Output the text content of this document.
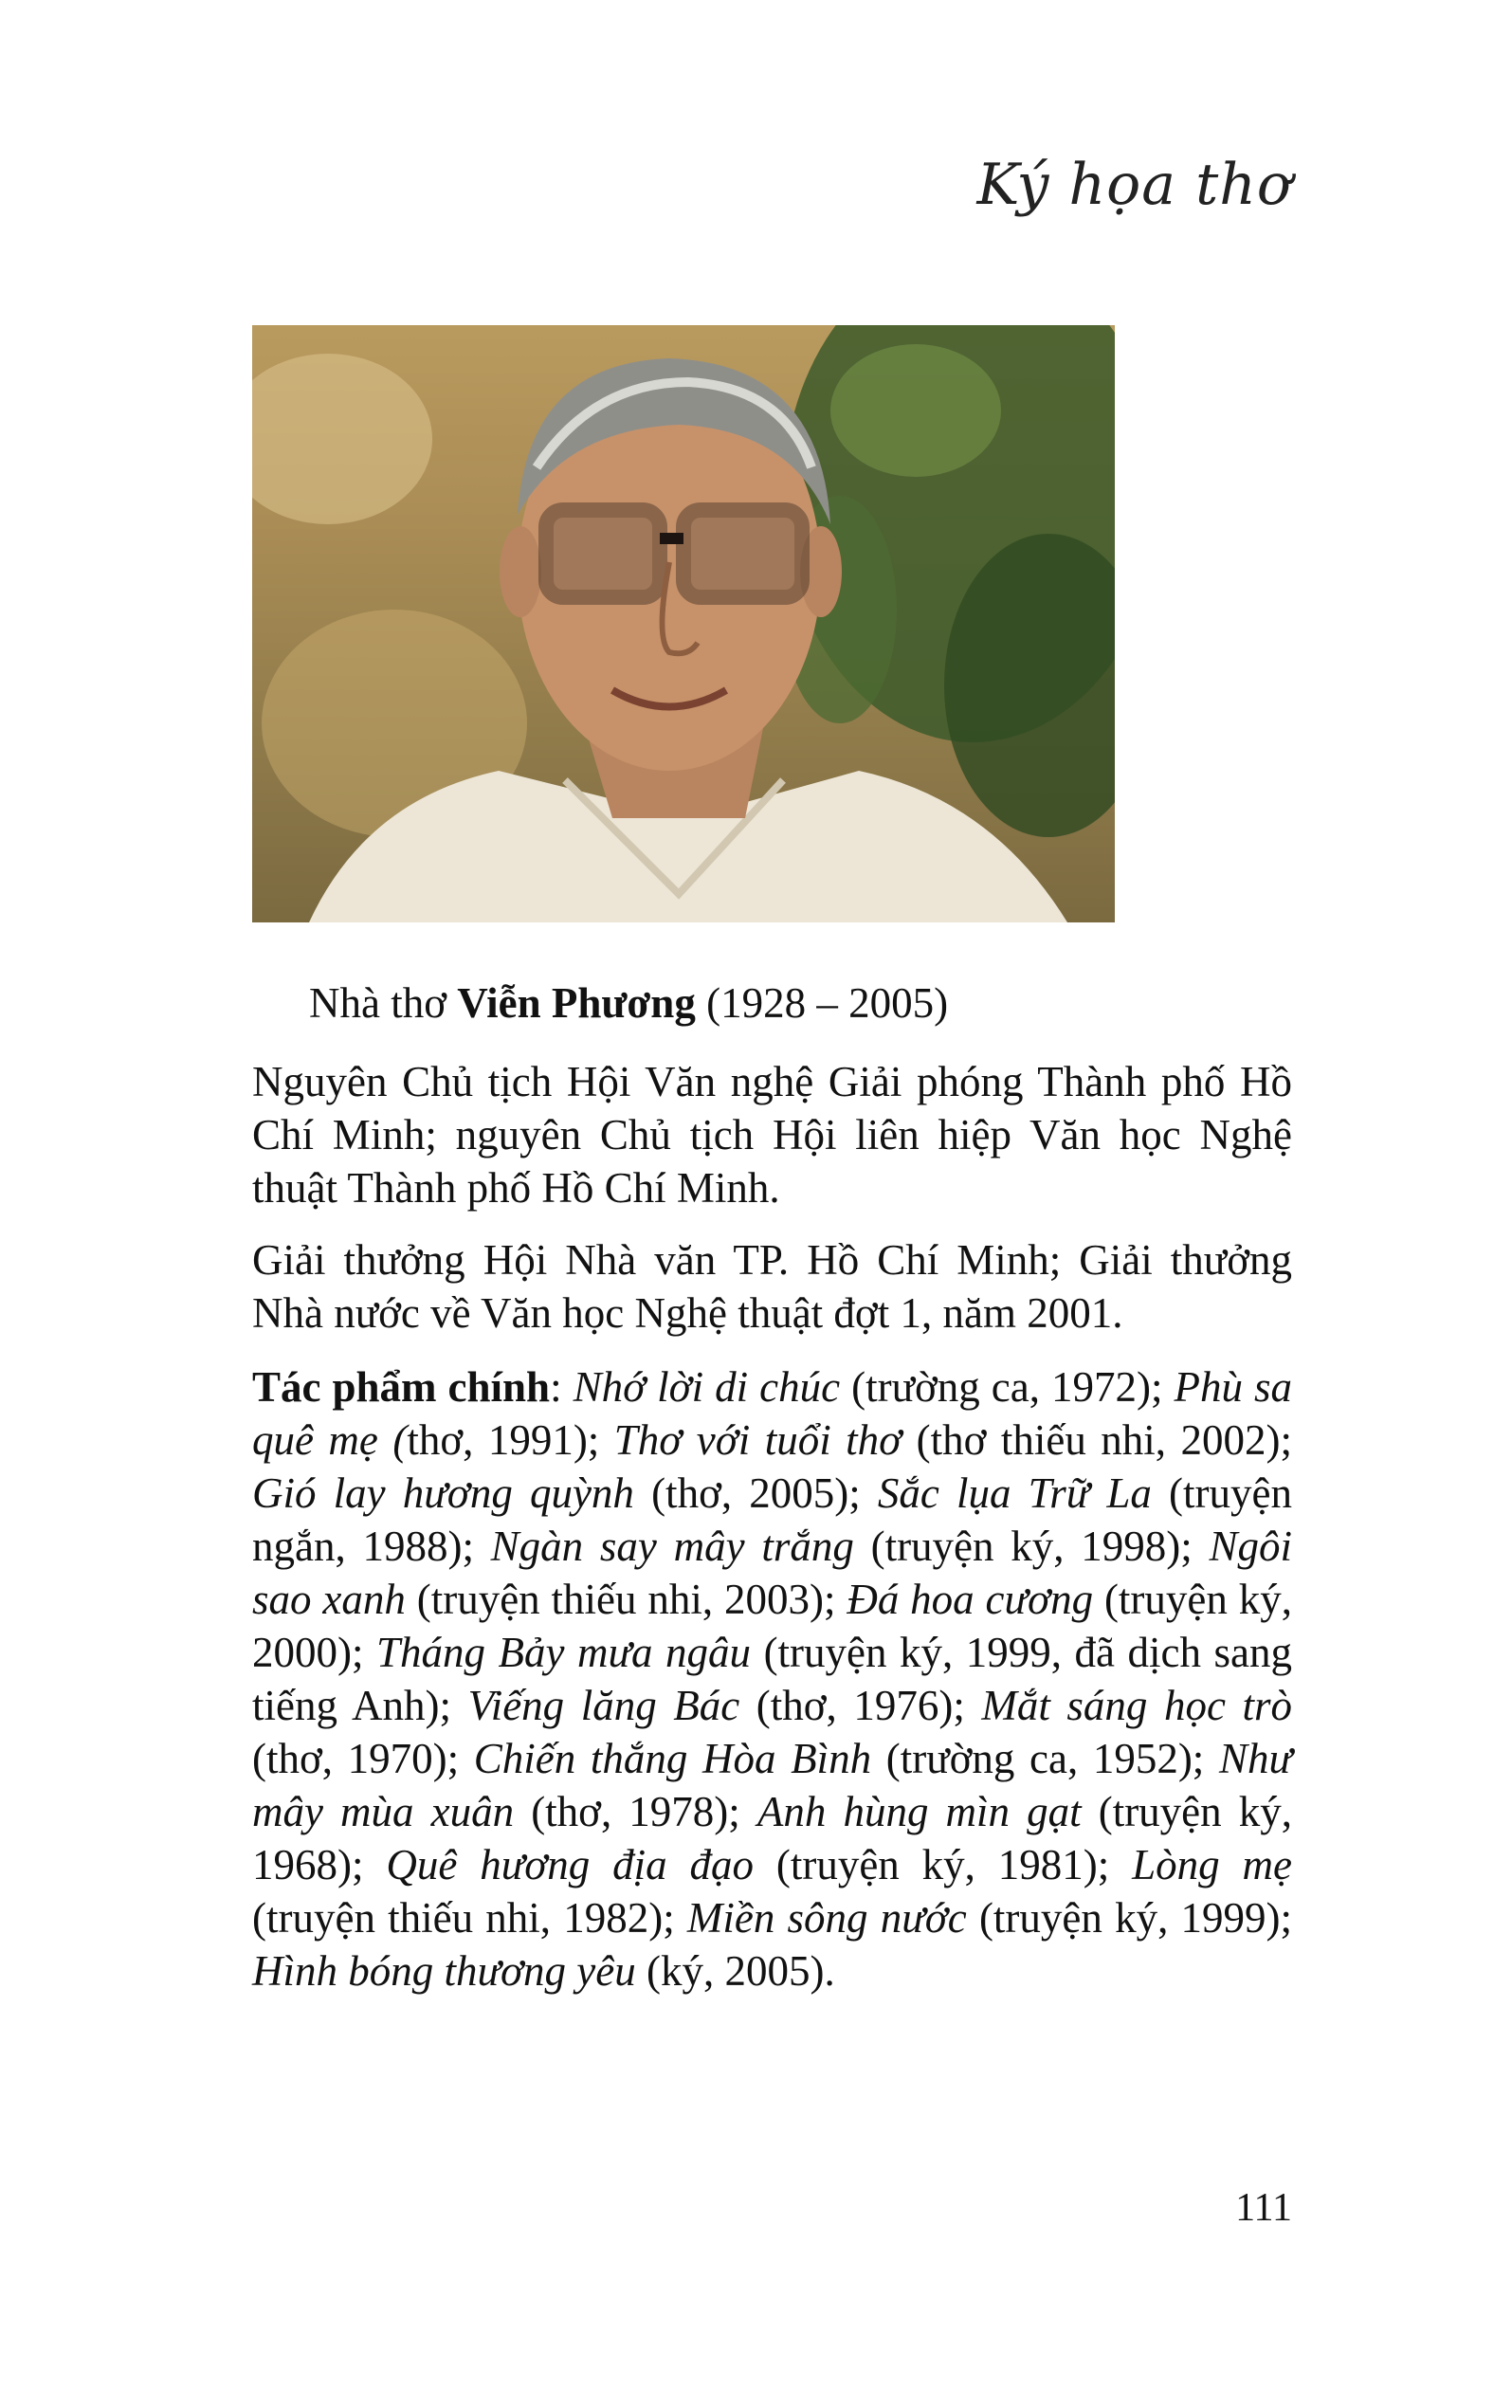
Ký họa thơ
Nhà thơ Viễn Phương (1928 – 2005)

Nguyên Chủ tịch Hội Văn nghệ Giải phóng Thành phố Hồ Chí Minh; nguyên Chủ tịch Hội liên hiệp Văn học Nghệ thuật Thành phố Hồ Chí Minh.

Giải thưởng Hội Nhà văn TP. Hồ Chí Minh; Giải thưởng Nhà nước về Văn học Nghệ thuật đợt 1, năm 2001.

Tác phẩm chính: Nhớ lời di chúc (trường ca, 1972); Phù sa quê mẹ (thơ, 1991); Thơ với tuổi thơ (thơ thiếu nhi, 2002); Gió lay hương quỳnh (thơ, 2005); Sắc lụa Trữ La (truyện ngắn, 1988); Ngàn say mây trắng (truyện ký, 1998); Ngôi sao xanh (truyện thiếu nhi, 2003); Đá hoa cương (truyện ký, 2000); Tháng Bảy mưa ngâu (truyện ký, 1999, đã dịch sang tiếng Anh); Viếng lăng Bác (thơ, 1976); Mắt sáng học trò (thơ, 1970); Chiến thắng Hòa Bình (trường ca, 1952); Như mây mùa xuân (thơ, 1978); Anh hùng mìn gạt (truyện ký, 1968); Quê hương địa đạo (truyện ký, 1981); Lòng mẹ (truyện thiếu nhi, 1982); Miền sông nước (truyện ký, 1999); Hình bóng thương yêu (ký, 2005).

111
